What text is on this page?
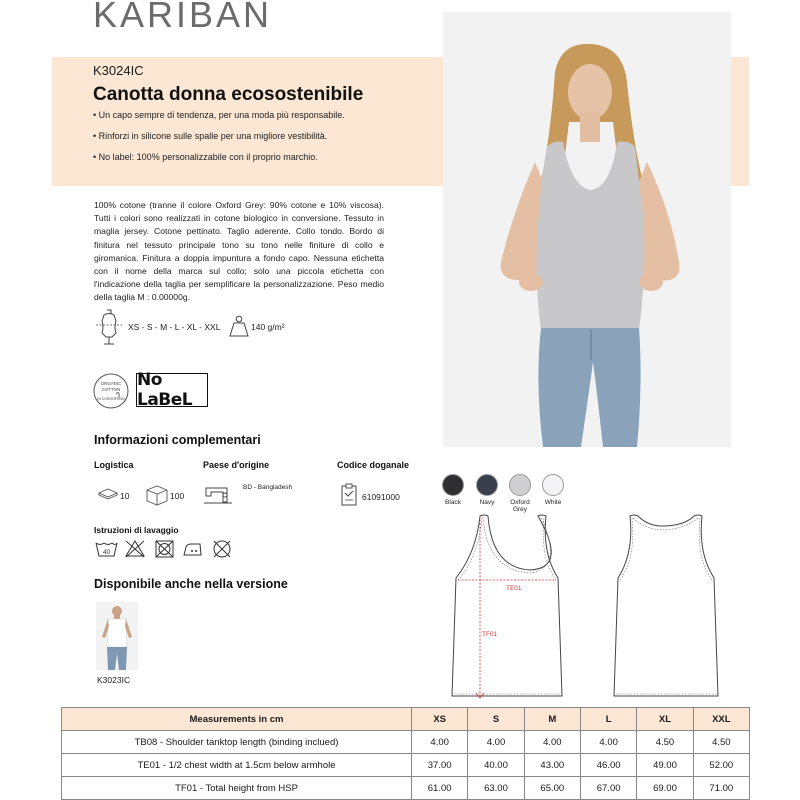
KARIBAN
K3024IC
Canotta donna ecosostenibile
• Un capo sempre di tendenza, per una moda più responsabile.
• Rinforzi in silicone sulle spalle per una migliore vestibilità.
• No label: 100% personalizzabile con il proprio marchio.

100% cotone (tranne il colore Oxford Grey: 90% cotone e 10% viscosa). Tutti i colori sono realizzati in cotone biologico in conversione. Tessuto in maglia jersey. Cotone pettinato. Taglio aderente. Collo tondo. Bordo di finitura nel tessuto principale tono su tono nelle finiture di collo e giromanica. Finitura a doppia impuntura a fondo capo. Nessuna etichetta con il nome della marca sul collo; solo una piccola etichetta con l'indicazione della taglia per semplificare la personalizzazione. Peso medio della taglia M : 0.00000g.

XS - S - M - L - XL - XXL	140 g/m²
ORGANIC
COTTON
IN CONVERSION
No LaBeL
Informazioni complementari
Logistica
10	100
Paese d'origine
BD - Bangladesh
Codice doganale
61091000
Istruzioni di lavaggio
40
Disponibile anche nella versione
K3023IC
Black	Navy	Oxford
Grey
White
TE01
TF01
Measurements in cm	XS	S	M	L	XL	XXL
TB08 - Shoulder tanktop length (binding inclued)	4.00	4.00	4.00	4.00	4.50	4.50
TE01 - 1/2 chest width at 1.5cm below armhole	37.00	40.00	43.00	46.00	49.00	52.00
TF01 - Total height from HSP	61.00	63.00	65.00	67.00	69.00	71.00
